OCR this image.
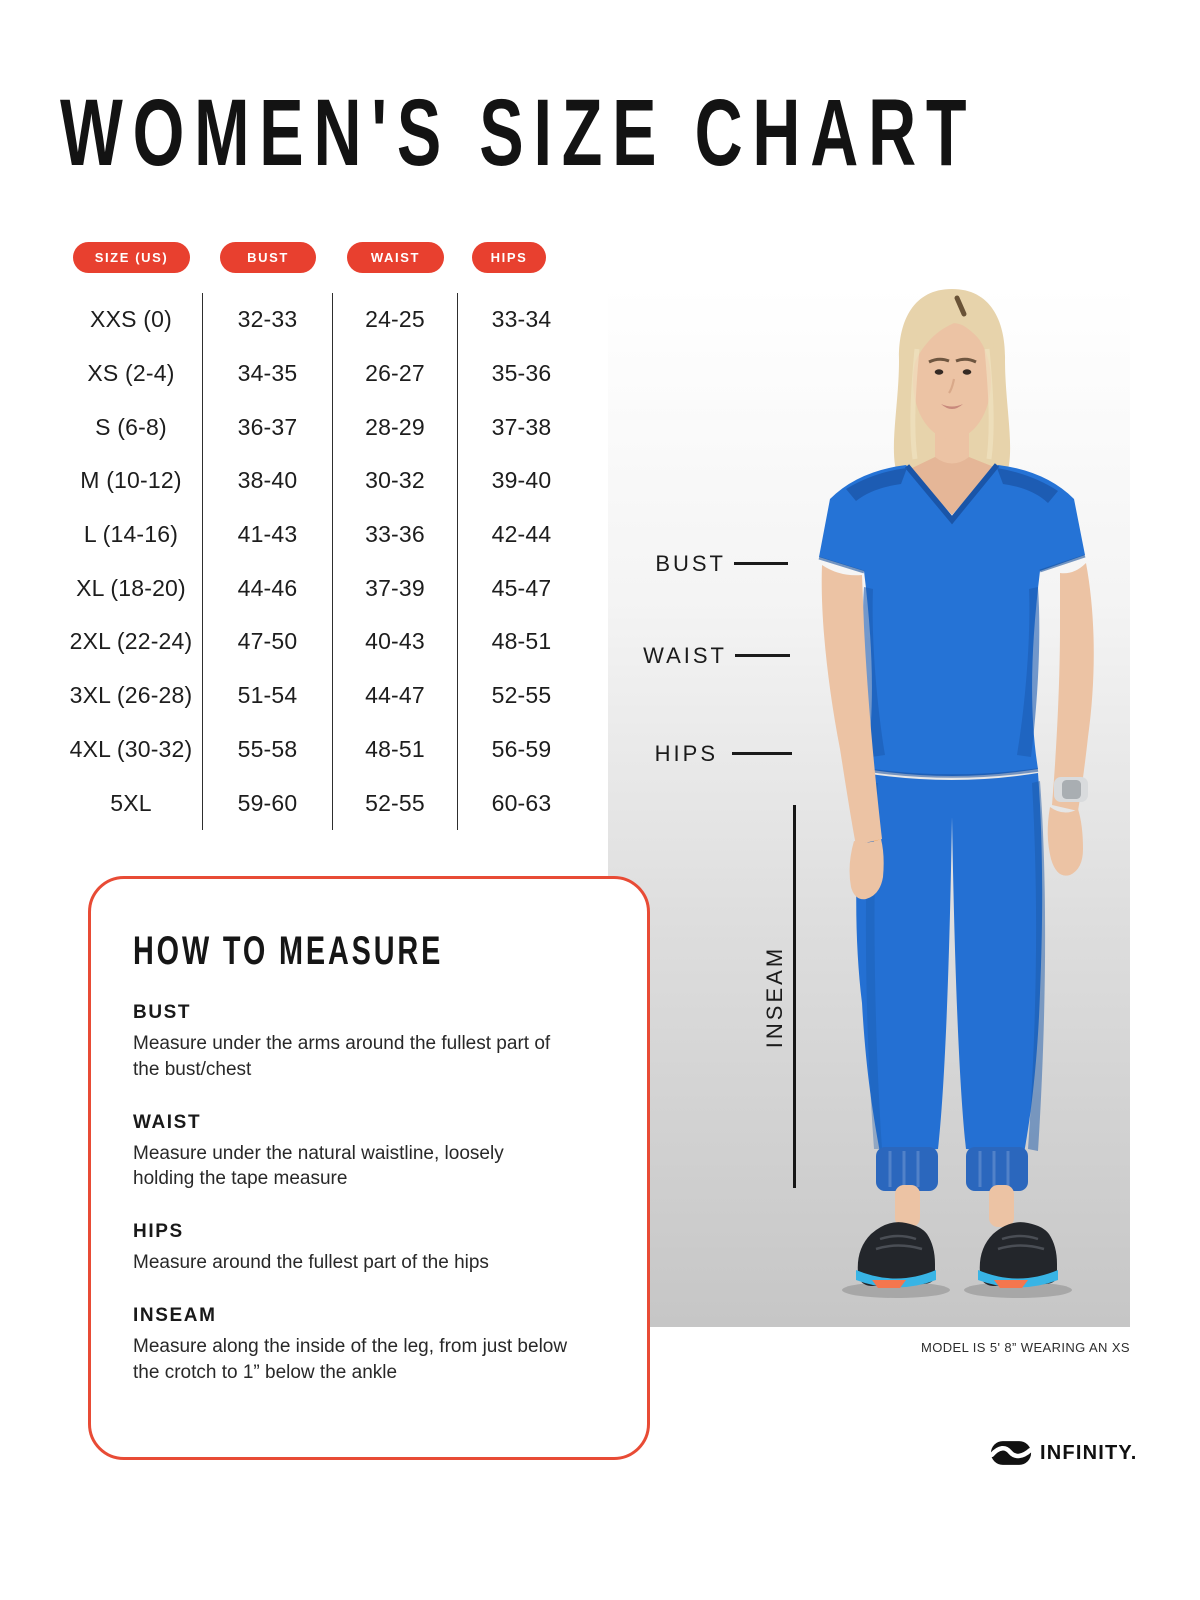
WOMEN'S SIZE CHART
SIZE (US)	BUST	WAIST	HIPS
XXS (0)	32-33	24-25	33-34
XS (2-4)	34-35	26-27	35-36
S (6-8)	36-37	28-29	37-38
M (10-12)	38-40	30-32	39-40
L (14-16)	41-43	33-36	42-44
XL (18-20)	44-46	37-39	45-47
2XL (22-24)	47-50	40-43	48-51
3XL (26-28)	51-54	44-47	52-55
4XL (30-32)	55-58	48-51	56-59
5XL	59-60	52-55	60-63
BUST
WAIST
HIPS
INSEAM
HOW TO MEASURE
BUST

Measure under the arms around the fullest part of the bust/chest

WAIST

Measure under the natural waistline, loosely holding the tape measure

HIPS

Measure around the fullest part of the hips

INSEAM

Measure along the inside of the leg, from just below the crotch to 1” below the ankle

MODEL IS 5' 8” WEARING AN XS
INFINITY.
